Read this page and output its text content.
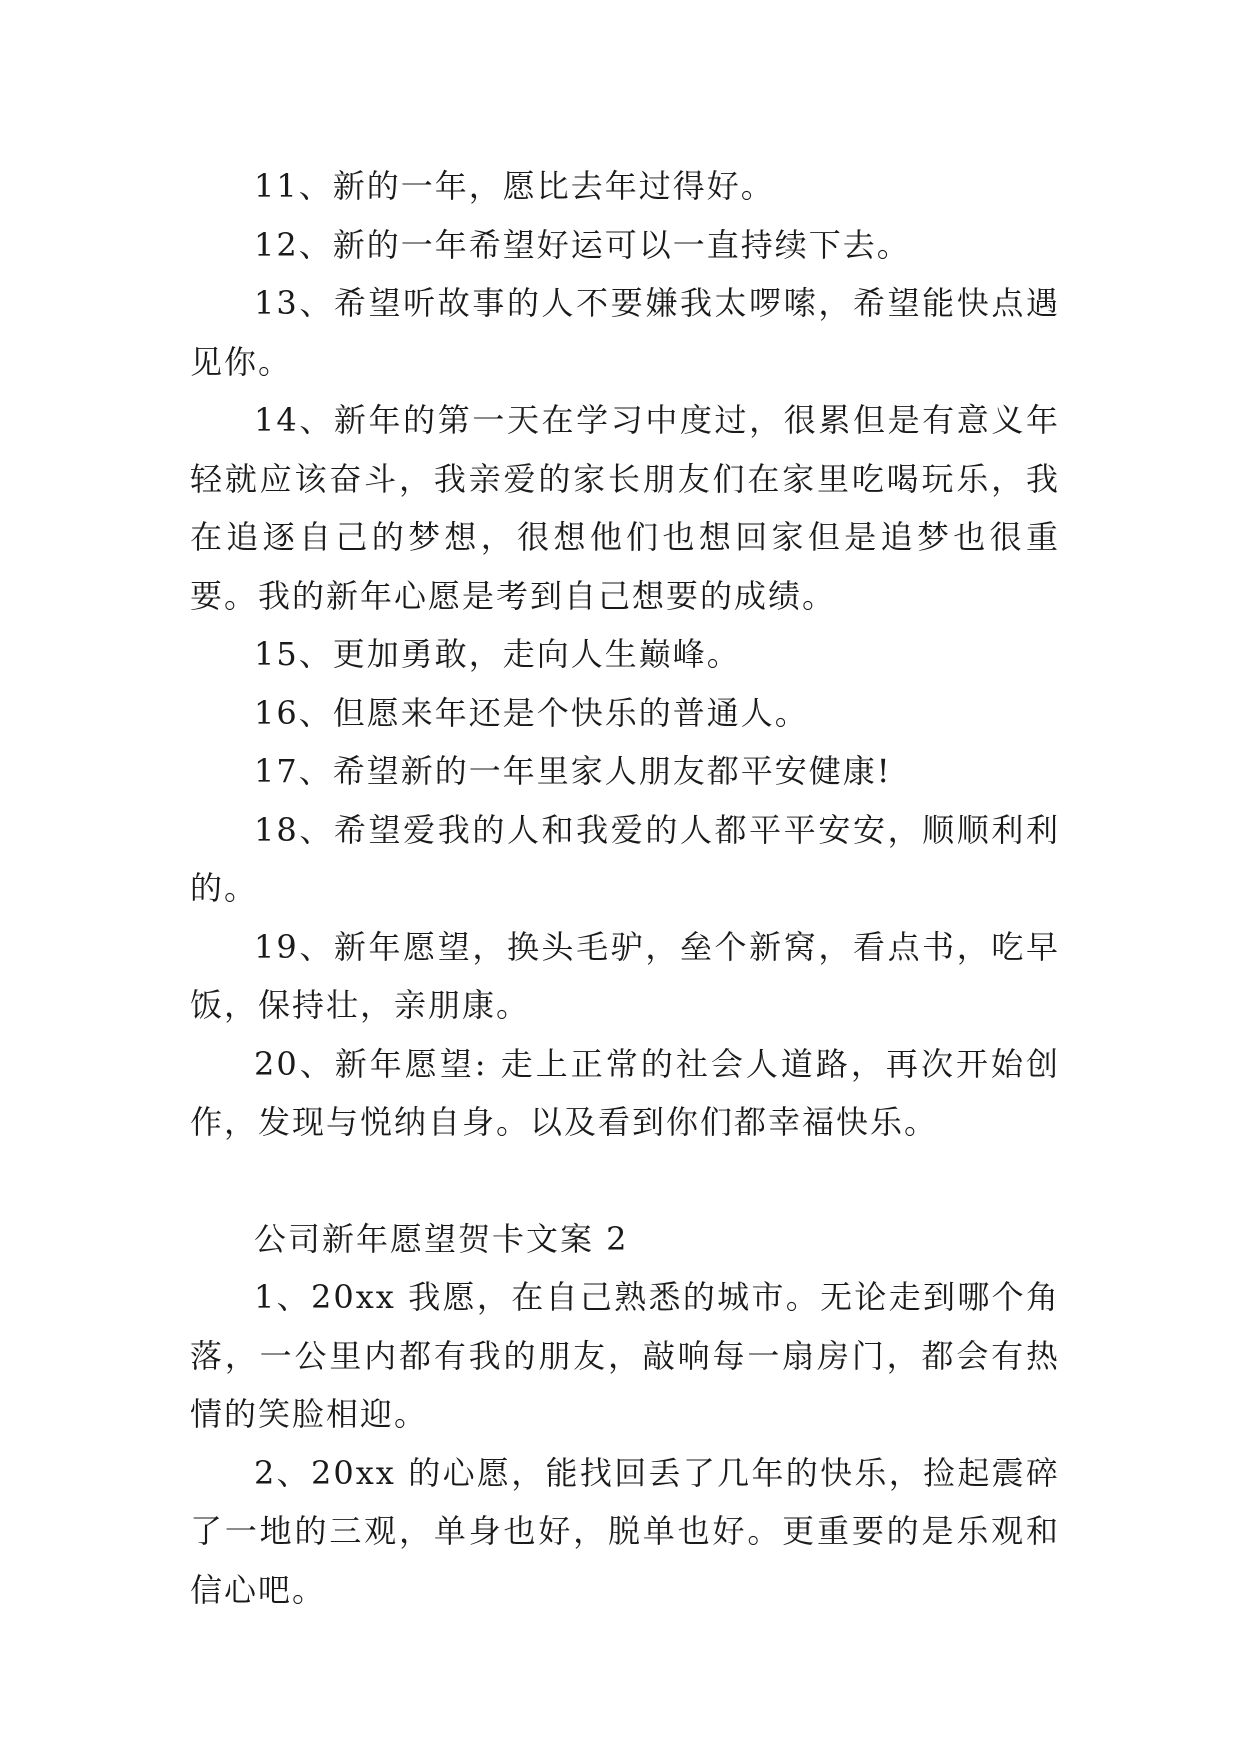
11、新的一年，愿比去年过得好。

12、新的一年希望好运可以一直持续下去。

13、希望听故事的人不要嫌我太啰嗦，希望能快点遇见你。

14、新年的第一天在学习中度过，很累但是有意义年轻就应该奋斗，我亲爱的家长朋友们在家里吃喝玩乐，我在追逐自己的梦想，很想他们也想回家但是追梦也很重要。我的新年心愿是考到自己想要的成绩。

15、更加勇敢，走向人生巅峰。

16、但愿来年还是个快乐的普通人。

17、希望新的一年里家人朋友都平安健康!

18、希望爱我的人和我爱的人都平平安安，顺顺利利的。

19、新年愿望，换头毛驴，垒个新窝，看点书，吃早饭，保持壮，亲朋康。

20、新年愿望: 走上正常的社会人道路，再次开始创作，发现与悦纳自身。以及看到你们都幸福快乐。

公司新年愿望贺卡文案 2

1、20xx 我愿，在自己熟悉的城市。无论走到哪个角落，一公里内都有我的朋友，敲响每一扇房门，都会有热情的笑脸相迎。

2、20xx 的心愿，能找回丢了几年的快乐，捡起震碎了一地的三观，单身也好，脱单也好。更重要的是乐观和信心吧。
